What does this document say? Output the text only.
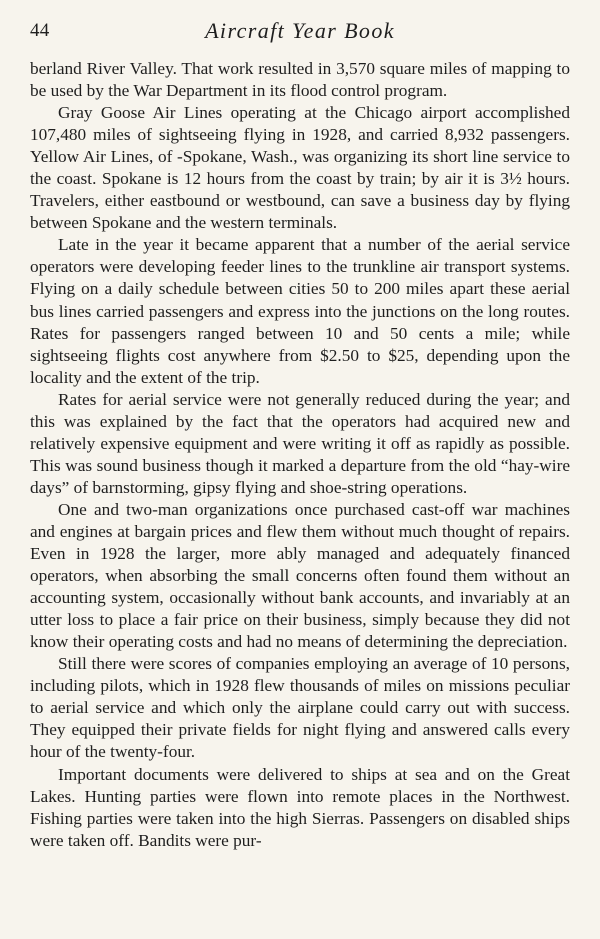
44	Aircraft Year Book

berland River Valley. That work resulted in 3,570 square miles of mapping to be used by the War Department in its flood control program.

Gray Goose Air Lines operating at the Chicago airport accomplished 107,480 miles of sightseeing flying in 1928, and carried 8,932 passengers. Yellow Air Lines, of -Spokane, Wash., was organizing its short line service to the coast. Spokane is 12 hours from the coast by train; by air it is 3½ hours. Travelers, either eastbound or westbound, can save a business day by flying between Spokane and the western terminals.

Late in the year it became apparent that a number of the aerial service operators were developing feeder lines to the trunkline air transport systems. Flying on a daily schedule between cities 50 to 200 miles apart these aerial bus lines carried passengers and express into the junctions on the long routes. Rates for passengers ranged between 10 and 50 cents a mile; while sightseeing flights cost anywhere from $2.50 to $25, depending upon the locality and the extent of the trip.

Rates for aerial service were not generally reduced during the year; and this was explained by the fact that the operators had acquired new and relatively expensive equipment and were writing it off as rapidly as possible. This was sound business though it marked a departure from the old “hay-wire days” of barnstorming, gipsy flying and shoe-string operations.

One and two-man organizations once purchased cast-off war machines and engines at bargain prices and flew them without much thought of repairs. Even in 1928 the larger, more ably managed and adequately financed operators, when absorbing the small concerns often found them without an accounting system, occasionally without bank accounts, and invariably at an utter loss to place a fair price on their business, simply because they did not know their operating costs and had no means of determining the depreciation.

Still there were scores of companies employing an average of 10 persons, including pilots, which in 1928 flew thousands of miles on missions peculiar to aerial service and which only the airplane could carry out with success. They equipped their private fields for night flying and answered calls every hour of the twenty-four.

Important documents were delivered to ships at sea and on the Great Lakes. Hunting parties were flown into remote places in the Northwest. Fishing parties were taken into the high Sierras. Passengers on disabled ships were taken off. Bandits were pur-
